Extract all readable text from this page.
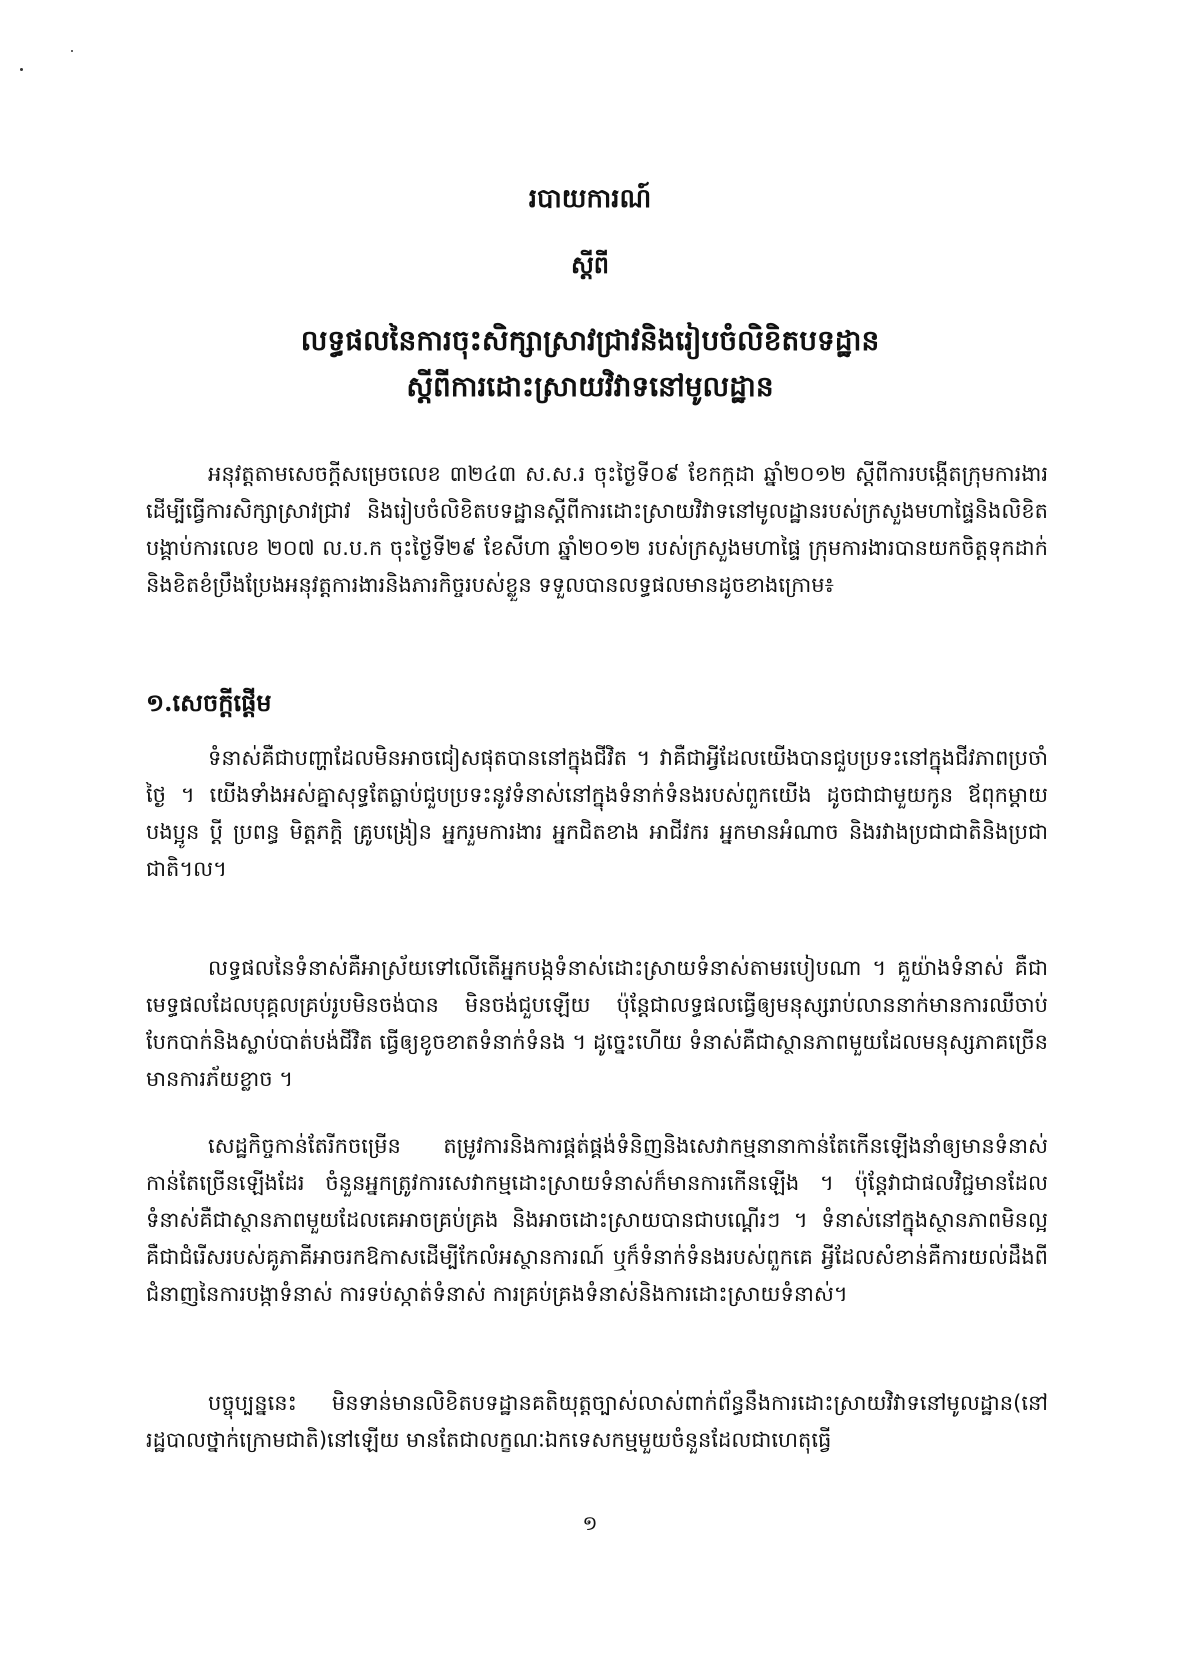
របាយការណ៍
ស្ដីពី
លទ្ធផលនៃការចុះសិក្សាស្រាវជ្រាវនិងរៀបចំលិខិតបទដ្ឋាន
ស្ដីពីការដោះស្រាយវិវាទនៅមូលដ្ឋាន

អនុវត្តតាមសេចក្ដីសម្រេចលេខ ៣២៤៣ ស.ស.រ ចុះថ្ងៃទី០៩ ខែកក្កដា ឆ្នាំ២០១២ ស្ដីពីការបង្កើតក្រុមការងារដើម្បីធ្វើការសិក្សាស្រាវជ្រាវ និងរៀបចំលិខិតបទដ្ឋានស្ដីពីការដោះស្រាយវិវាទនៅមូលដ្ឋានរបស់ក្រសួងមហាផ្ទៃនិងលិខិតបង្គាប់ការលេខ ២០៧ ល.ប.ក ចុះថ្ងៃទី២៩ ខែសីហា ឆ្នាំ២០១២ របស់ក្រសួងមហាផ្ទៃ ក្រុមការងារបានយកចិត្តទុកដាក់និងខិតខំប្រឹងប្រែងអនុវត្តការងារនិងភារកិច្ចរបស់ខ្លួន ទទួលបានលទ្ធផលមានដូចខាងក្រោម៖

១.សេចក្ដីផ្ដើម

ទំនាស់គឺជាបញ្ហាដែលមិនអាចជៀសផុតបាននៅក្នុងជីវិត ។ វាគឺជាអ្វីដែលយើងបានជួបប្រទះនៅក្នុងជីវភាពប្រចាំថ្ងៃ ។ យើងទាំងអស់គ្នាសុទ្ធតែធ្លាប់ជួបប្រទះនូវទំនាស់នៅក្នុងទំនាក់ទំនងរបស់ពួកយើង ដូចជាជាមួយកូន ឪពុកម្ដាយ បងប្អូន ប្ដី ប្រពន្ធ មិត្តភក្ដិ គ្រូបង្រៀន អ្នករួមការងារ អ្នកជិតខាង អាជីវករ អ្នកមានអំណាច និងរវាងប្រជាជាតិនិងប្រជាជាតិ។ល។

លទ្ធផលនៃទំនាស់គឺអាស្រ័យទៅលើតើអ្នកបង្កទំនាស់ដោះស្រាយទំនាស់តាមរបៀបណា ។ គួយ៉ាងទំនាស់ គឺជាមេទ្ធផលដែលបុគ្គលគ្រប់រូបមិនចង់បាន មិនចង់ជួបឡើយ ប៉ុន្តែជាលទ្ធផលធ្វើឲ្យមនុស្សរាប់លាននាក់មានការឈឺចាប់ បែកបាក់និងស្លាប់បាត់បង់ជីវិត ធ្វើឲ្យខូចខាតទំនាក់ទំនង ។ ដូច្នេះហើយ ទំនាស់គឺជាស្ថានភាពមួយដែលមនុស្សភាគច្រើនមានការភ័យខ្លាច ។

សេដ្ឋកិច្ចកាន់តែរីកចម្រើន តម្រូវការនិងការផ្គត់ផ្គង់ទំនិញនិងសេវាកម្មនានាកាន់តែកើនឡើងនាំឲ្យមានទំនាស់កាន់តែច្រើនឡើងដែរ ចំនួនអ្នកត្រូវការសេវាកម្មដោះស្រាយទំនាស់ក៏មានការកើនឡើង ។ ប៉ុន្តែវាជាផលវិជ្ជមានដែលទំនាស់គឺជាស្ថានភាពមួយដែលគេអាចគ្រប់គ្រង និងអាចដោះស្រាយបានជាបណ្ដើរៗ ។ ទំនាស់នៅក្នុងស្ថានភាពមិនល្អ គឺជាជំរើសរបស់គូភាគីអាចរកឱកាសដើម្បីកែលំអស្ថានការណ៍ ឬក៏ទំនាក់ទំនងរបស់ពួកគេ អ្វីដែលសំខាន់គឺការយល់ដឹងពីជំនាញនៃការបង្កាទំនាស់ ការទប់ស្កាត់ទំនាស់ ការគ្រប់គ្រងទំនាស់និងការដោះស្រាយទំនាស់។

បច្ចុប្បន្ននេះ មិនទាន់មានលិខិតបទដ្ឋានគតិយុត្តច្បាស់លាស់ពាក់ព័ន្ធនឹងការដោះស្រាយវិវាទនៅមូលដ្ឋាន(នៅរដ្ឋបាលថ្នាក់ក្រោមជាតិ)នៅឡើយ មានតែជាលក្ខណៈឯកទេសកម្មមួយចំនួនដែលជាហេតុធ្វើ

១
